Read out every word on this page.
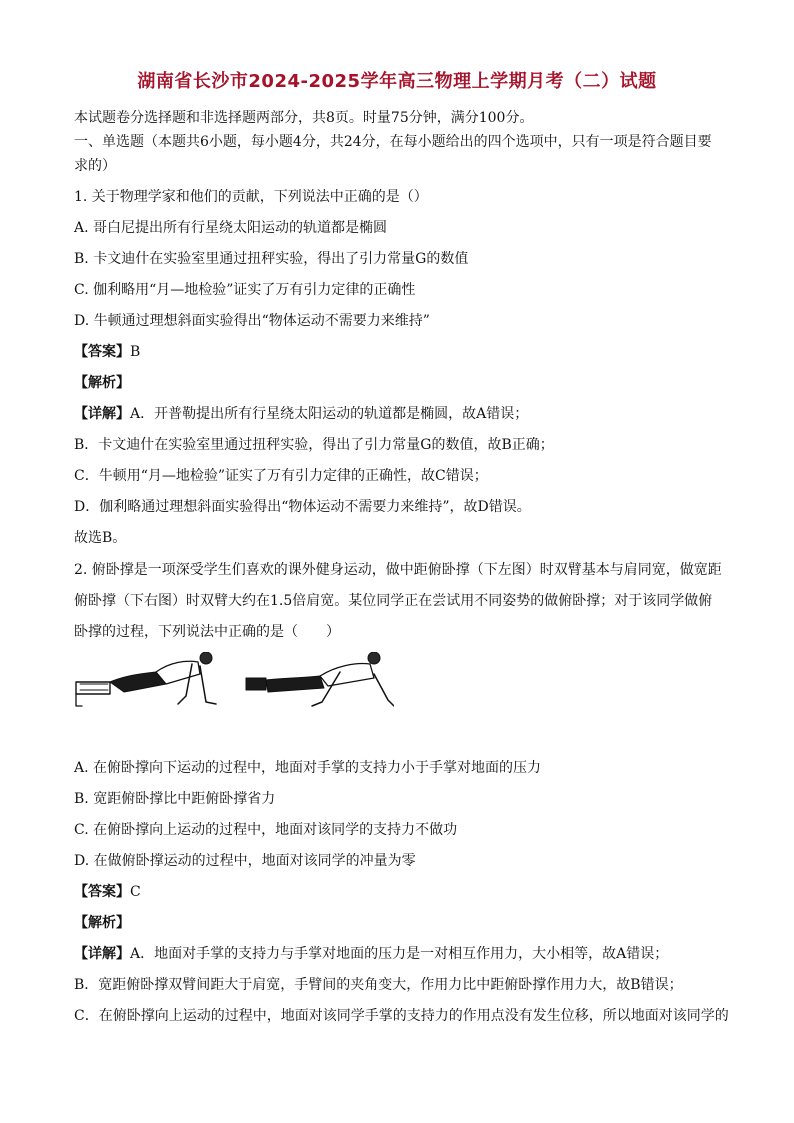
湖南省长沙市2024-2025学年高三物理上学期月考（二）试题
本试题卷分选择题和非选择题两部分，共8页。时量75分钟，满分100分。
一、单选题（本题共6小题，每小题4分，共24分，在每小题给出的四个选项中，只有一项是符合题目要
求的）
1. 关于物理学家和他们的贡献，下列说法中正确的是（）
A. 哥白尼提出所有行星绕太阳运动的轨道都是椭圆
B. 卡文迪什在实验室里通过扭秤实验，得出了引力常量G的数值
C. 伽利略用“月—地检验”证实了万有引力定律的正确性
D. 牛顿通过理想斜面实验得出“物体运动不需要力来维持”
【答案】B
【解析】
【详解】A．开普勒提出所有行星绕太阳运动的轨道都是椭圆，故A错误；
B．卡文迪什在实验室里通过扭秤实验，得出了引力常量G的数值，故B正确；
C．牛顿用“月—地检验”证实了万有引力定律的正确性，故C错误；
D．伽利略通过理想斜面实验得出“物体运动不需要力来维持”，故D错误。
故选B。
2. 俯卧撑是一项深受学生们喜欢的课外健身运动，做中距俯卧撑（下左图）时双臂基本与肩同宽，做宽距
俯卧撑（下右图）时双臂大约在1.5倍肩宽。某位同学正在尝试用不同姿势的做俯卧撑；对于该同学做俯
卧撑的过程，下列说法中正确的是（　　）
A. 在俯卧撑向下运动的过程中，地面对手掌的支持力小于手掌对地面的压力
B. 宽距俯卧撑比中距俯卧撑省力
C. 在俯卧撑向上运动的过程中，地面对该同学的支持力不做功
D. 在做俯卧撑运动的过程中，地面对该同学的冲量为零
【答案】C
【解析】
【详解】A．地面对手掌的支持力与手掌对地面的压力是一对相互作用力，大小相等，故A错误；
B．宽距俯卧撑双臂间距大于肩宽，手臂间的夹角变大，作用力比中距俯卧撑作用力大，故B错误；
C．在俯卧撑向上运动的过程中，地面对该同学手掌的支持力的作用点没有发生位移，所以地面对该同学的
